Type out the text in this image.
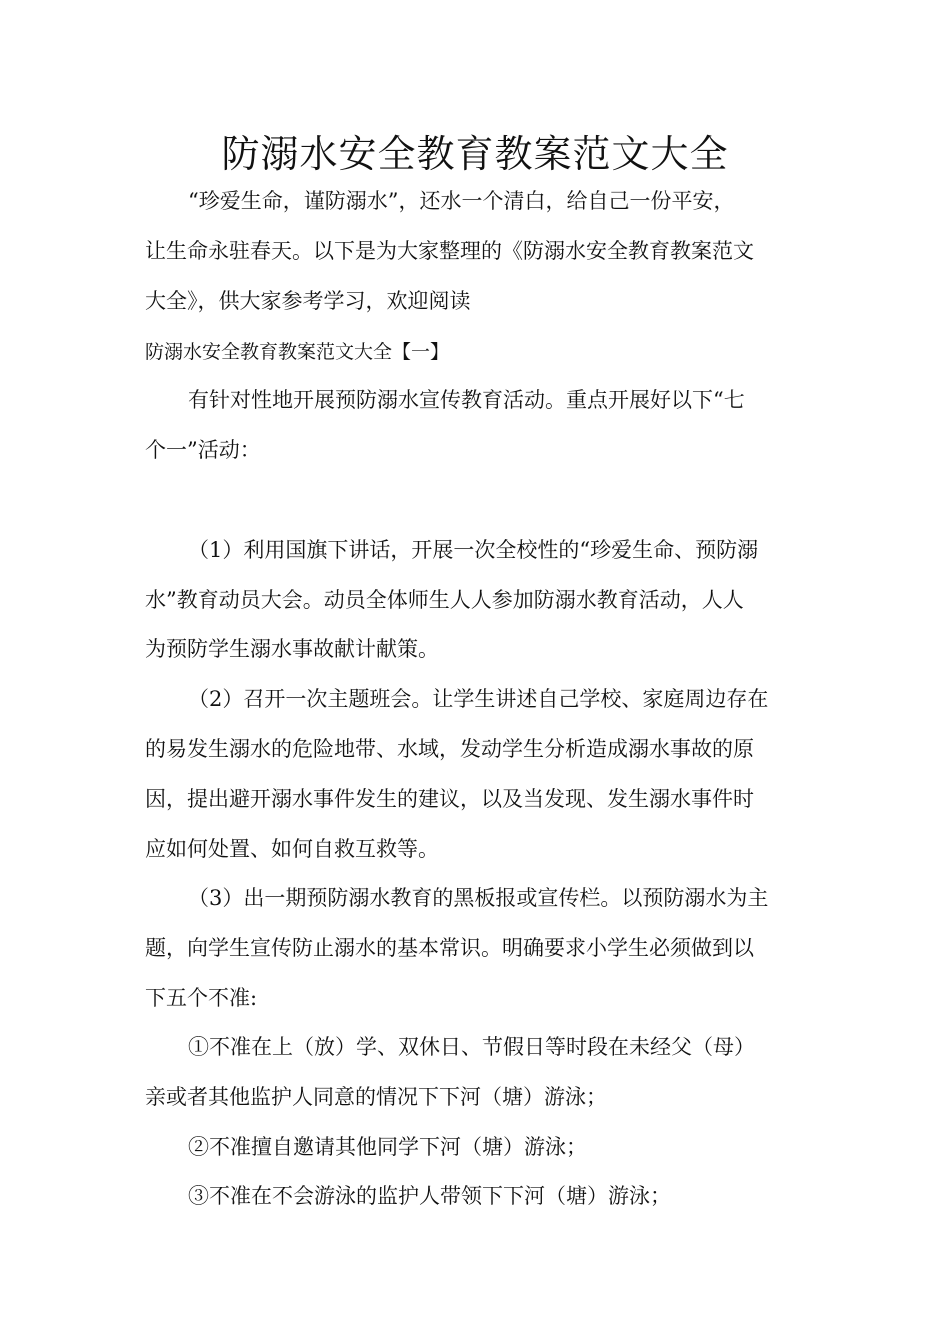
防溺水安全教育教案范文大全
“珍爱生命，谨防溺水”，还水一个清白，给自己一份平安，
让生命永驻春天。以下是为大家整理的《防溺水安全教育教案范文
大全》，供大家参考学习，欢迎阅读
防溺水安全教育教案范文大全【一】
有针对性地开展预防溺水宣传教育活动。重点开展好以下“七
个一”活动：
（1）利用国旗下讲话，开展一次全校性的“珍爱生命、预防溺
水”教育动员大会。动员全体师生人人参加防溺水教育活动，人人
为预防学生溺水事故献计献策。
（2）召开一次主题班会。让学生讲述自己学校、家庭周边存在
的易发生溺水的危险地带、水域，发动学生分析造成溺水事故的原
因，提出避开溺水事件发生的建议，以及当发现、发生溺水事件时
应如何处置、如何自救互救等。
（3）出一期预防溺水教育的黑板报或宣传栏。以预防溺水为主
题，向学生宣传防止溺水的基本常识。明确要求小学生必须做到以
下五个不准:
①不准在上（放）学、双休日、节假日等时段在未经父（母）
亲或者其他监护人同意的情况下下河（塘）游泳；
②不准擅自邀请其他同学下河（塘）游泳；
③不准在不会游泳的监护人带领下下河（塘）游泳；
